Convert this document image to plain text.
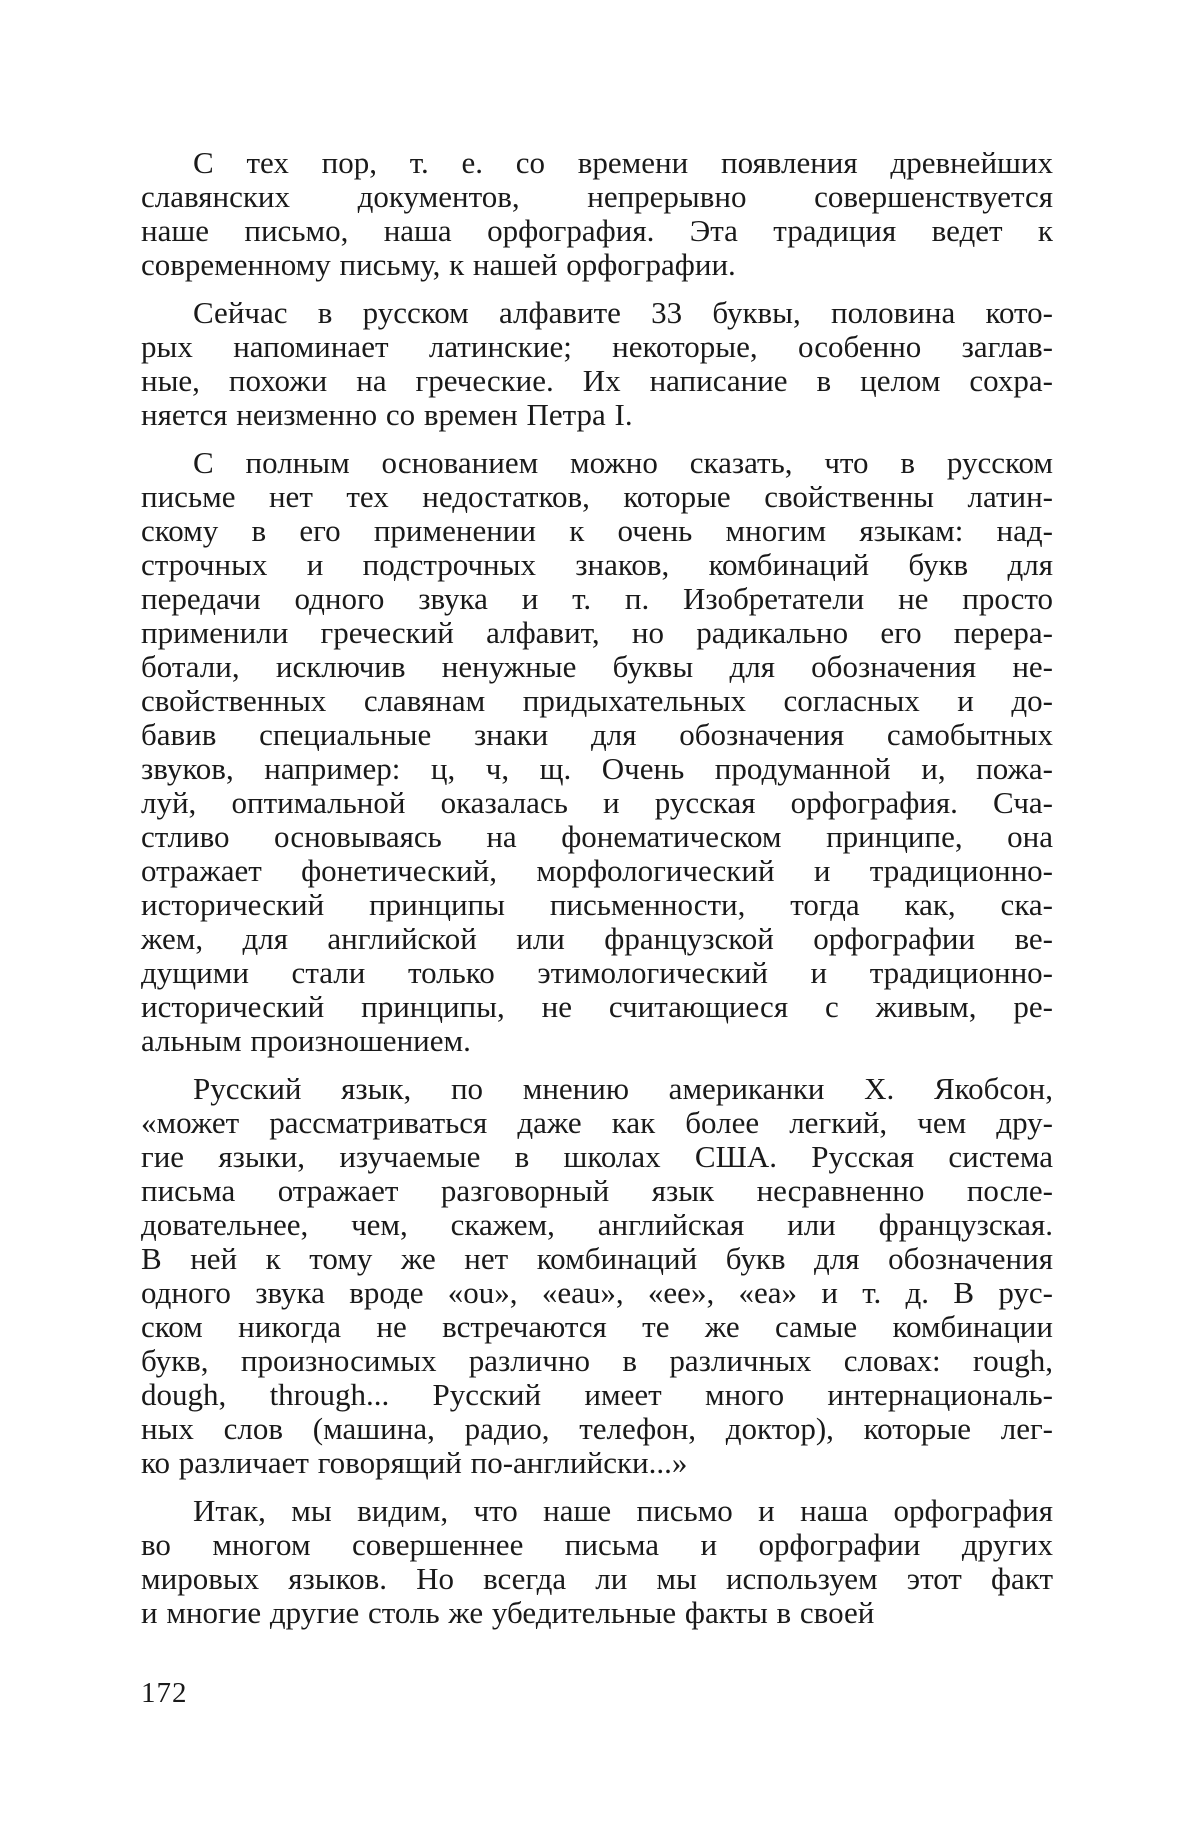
С тех пор, т. е. со времени появления древнейших
славянских документов, непрерывно совершенствуется
наше письмо, наша орфография. Эта традиция ведет к
современному письму, к нашей орфографии.

Сейчас в русском алфавите 33 буквы, половина кото-
рых напоминает латинские; некоторые, особенно заглав-
ные, похожи на греческие. Их написание в целом сохра-
няется неизменно со времен Петра I.

С полным основанием можно сказать, что в русском
письме нет тех недостатков, которые свойственны латин-
скому в его применении к очень многим языкам: над-
строчных и подстрочных знаков, комбинаций букв для
передачи одного звука и т. п. Изобретатели не просто
применили греческий алфавит, но радикально его перера-
ботали, исключив ненужные буквы для обозначения не-
свойственных славянам придыхательных согласных и до-
бавив специальные знаки для обозначения самобытных
звуков, например: ц, ч, щ. Очень продуманной и, пожа-
луй, оптимальной оказалась и русская орфография. Сча-
стливо основываясь на фонематическом принципе, она
отражает фонетический, морфологический и традиционно-
исторический принципы письменности, тогда как, ска-
жем, для английской или французской орфографии ве-
дущими стали только этимологический и традиционно-
исторический принципы, не считающиеся с живым, ре-
альным произношением.

Русский язык, по мнению американки Х. Якобсон,
«может рассматриваться даже как более легкий, чем дру-
гие языки, изучаемые в школах США. Русская система
письма отражает разговорный язык несравненно после-
довательнее, чем, скажем, английская или французская.
В ней к тому же нет комбинаций букв для обозначения
одного звука вроде «ou», «eau», «ee», «ea» и т. д. В рус-
ском никогда не встречаются те же самые комбинации
букв, произносимых различно в различных словах: rough,
dough, through... Русский имеет много интернациональ-
ных слов (машина, радио, телефон, доктор), которые лег-
ко различает говорящий по-английски...»

Итак, мы видим, что наше письмо и наша орфография
во многом совершеннее письма и орфографии других
мировых языков. Но всегда ли мы используем этот факт
и многие другие столь же убедительные факты в своей

172
